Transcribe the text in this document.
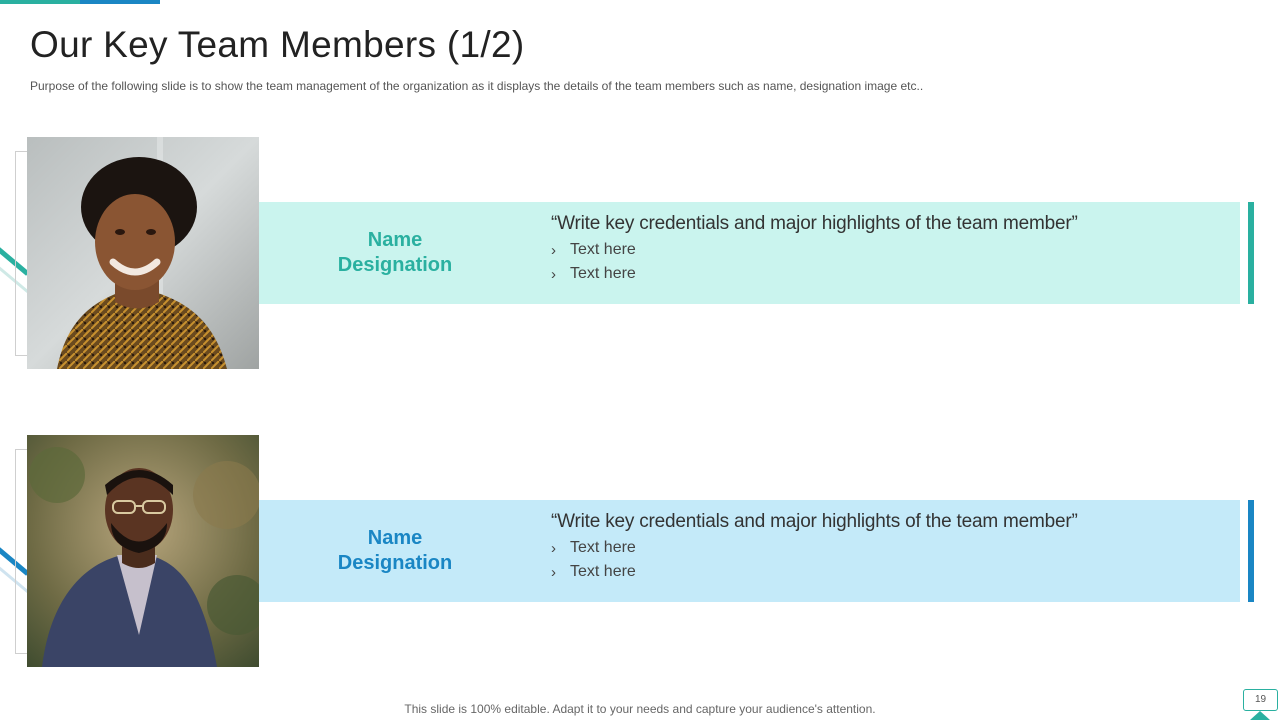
Our Key Team Members (1/2)

Purpose of the following slide is to show the team management of the organization as it displays the details of the team members such as name, designation image etc..

Name
Designation
“Write key credentials and major highlights of the team member”
› Text here
› Text here
Name
Designation
“Write key credentials and major highlights of the team member”
› Text here
› Text here
This slide is 100% editable. Adapt it to your needs and capture your audience's attention.
19
